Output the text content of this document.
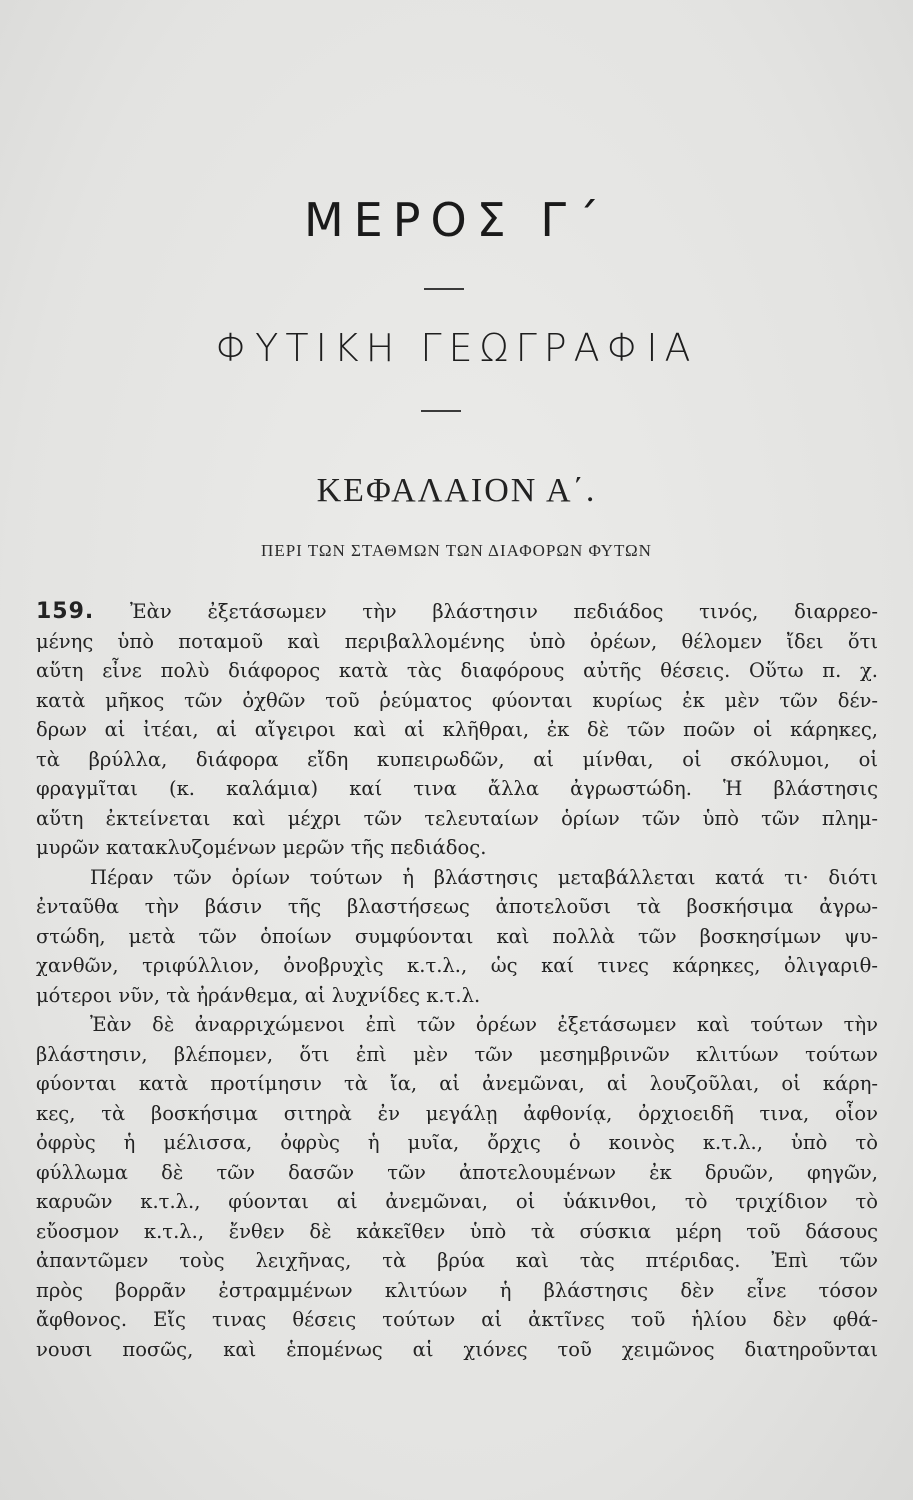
ΜΕΡΟΣ Γ΄
ΦΥΤΙΚΗ ΓΕΩΓΡΑΦΙΑ
ΚΕΦΑΛΑΙΟΝ Α΄.
ΠΕΡΙ ΤΩΝ ΣΤΑΘΜΩΝ ΤΩΝ ΔΙΑΦΟΡΩΝ ΦΥΤΩΝ
159. Ἐὰν ἐξετάσωμεν τὴν βλάστησιν πεδιάδος τινός, διαρρεο-
μένης ὑπὸ ποταμοῦ καὶ περιβαλλομένης ὑπὸ ὀρέων, θέλομεν ἴδει ὅτι
αὕτη εἶνε πολὺ διάφορος κατὰ τὰς διαφόρους αὐτῆς θέσεις. Οὕτω π. χ.
κατὰ μῆκος τῶν ὀχθῶν τοῦ ῥεύματος φύονται κυρίως ἐκ μὲν τῶν δέν-
δρων αἱ ἰτέαι, αἱ αἴγειροι καὶ αἱ κλῆθραι, ἐκ δὲ τῶν ποῶν οἱ κάρηκες,
τὰ βρύλλα, διάφορα εἴδη κυπειρωδῶν, αἱ μίνθαι, οἱ σκόλυμοι, οἱ
φραγμῖται (κ. καλάμια) καί τινα ἄλλα ἀγρωστώδη. Ἡ βλάστησις
αὕτη ἐκτείνεται καὶ μέχρι τῶν τελευταίων ὁρίων τῶν ὑπὸ τῶν πλημ-
μυρῶν κατακλυζομένων μερῶν τῆς πεδιάδος.
Πέραν τῶν ὁρίων τούτων ἡ βλάστησις μεταβάλλεται κατά τι· διότι
ἐνταῦθα τὴν βάσιν τῆς βλαστήσεως ἀποτελοῦσι τὰ βοσκήσιμα ἀγρω-
στώδη, μετὰ τῶν ὁποίων συμφύονται καὶ πολλὰ τῶν βοσκησίμων ψυ-
χανθῶν, τριφύλλιον, ὀνοβρυχὶς κ.τ.λ., ὡς καί τινες κάρηκες, ὀλιγαριθ-
μότεροι νῦν, τὰ ἠράνθεμα, αἱ λυχνίδες κ.τ.λ.
Ἐὰν δὲ ἀναρριχώμενοι ἐπὶ τῶν ὀρέων ἐξετάσωμεν καὶ τούτων τὴν
βλάστησιν, βλέπομεν, ὅτι ἐπὶ μὲν τῶν μεσημβρινῶν κλιτύων τούτων
φύονται κατὰ προτίμησιν τὰ ἴα, αἱ ἀνεμῶναι, αἱ λουζοῦλαι, οἱ κάρη-
κες, τὰ βοσκήσιμα σιτηρὰ ἐν μεγάλῃ ἀφθονίᾳ, ὀρχιοειδῆ τινα, οἷον
ὀφρὺς ἡ μέλισσα, ὀφρὺς ἡ μυῖα, ὄρχις ὁ κοινὸς κ.τ.λ., ὑπὸ τὸ
φύλλωμα δὲ τῶν δασῶν τῶν ἀποτελουμένων ἐκ δρυῶν, φηγῶν,
καρυῶν κ.τ.λ., φύονται αἱ ἀνεμῶναι, οἱ ὑάκινθοι, τὸ τριχίδιον τὸ
εὔοσμον κ.τ.λ., ἔνθεν δὲ κἀκεῖθεν ὑπὸ τὰ σύσκια μέρη τοῦ δάσους
ἀπαντῶμεν τοὺς λειχῆνας, τὰ βρύα καὶ τὰς πτέριδας. Ἐπὶ τῶν
πρὸς βορρᾶν ἐστραμμένων κλιτύων ἡ βλάστησις δὲν εἶνε τόσον
ἄφθονος. Εἴς τινας θέσεις τούτων αἱ ἀκτῖνες τοῦ ἡλίου δὲν φθά-
νουσι ποσῶς, καὶ ἑπομένως αἱ χιόνες τοῦ χειμῶνος διατηροῦνται
